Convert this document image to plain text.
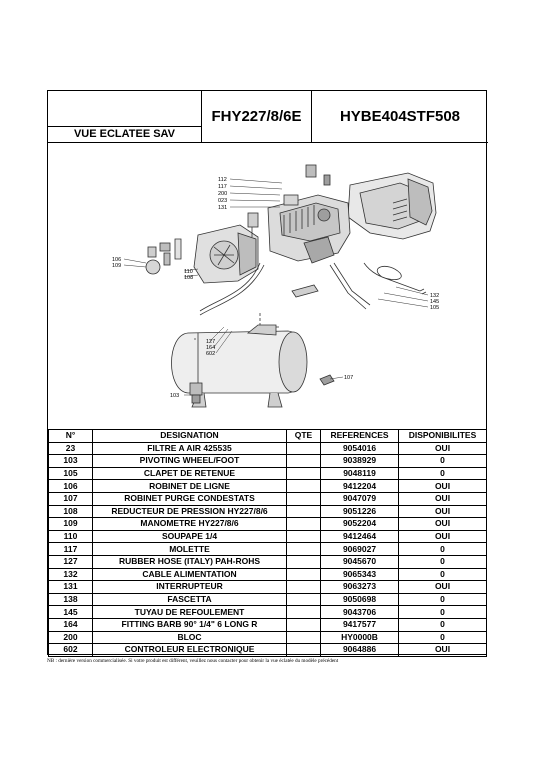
VUE ECLATEE SAV
FHY227/8/6E	HYBE404STF508
112
117
200
023
131
106
109
110
108
127
164
602
132
145
105
107
103
N°	DESIGNATION	QTE	REFERENCES	DISPONIBILITES
23	FILTRE A AIR 425535		9054016	OUI
103	PIVOTING WHEEL/FOOT		9038929	0
105	CLAPET DE RETENUE		9048119	0
106	ROBINET DE LIGNE		9412204	OUI
107	ROBINET PURGE CONDESTATS		9047079	OUI
108	REDUCTEUR DE PRESSION HY227/8/6		9051226	OUI
109	MANOMETRE HY227/8/6		9052204	OUI
110	SOUPAPE 1/4		9412464	OUI
117	MOLETTE		9069027	0
127	RUBBER HOSE (ITALY) PAH-ROHS		9045670	0
132	CABLE ALIMENTATION		9065343	0
131	INTERRUPTEUR		9063273	OUI
138	FASCETTA		9050698	0
145	TUYAU DE REFOULEMENT		9043706	0
164	FITTING BARB 90° 1/4" 6 LONG R		9417577	0
200	BLOC		HY0000B	0
602	CONTROLEUR ELECTRONIQUE		9064886	OUI
NB : dernière version commercialisée. Si votre produit est différent, veuillez nous contacter pour obtenir la vue éclatée du modèle précédent
